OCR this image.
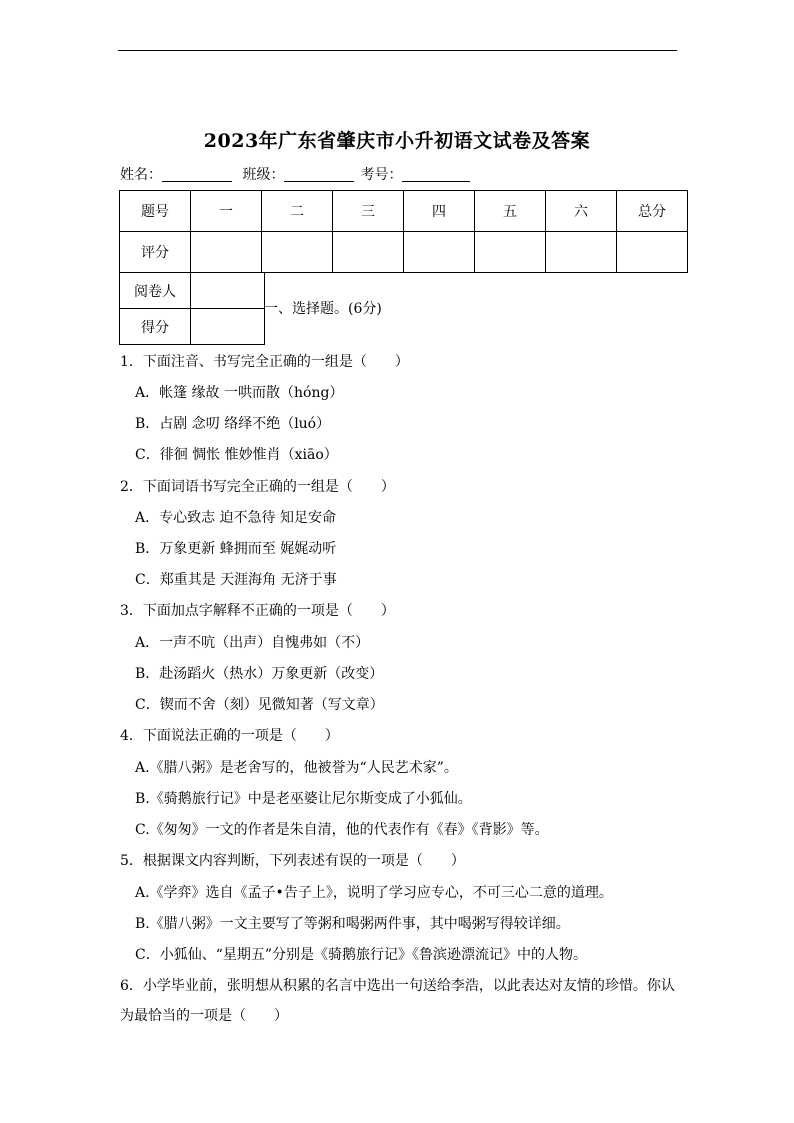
2023年广东省肇庆市小升初语文试卷及答案
姓名：	班级：	考号：
题号	一	二	三	四	五	六	总分
评分							
阅卷人	
得分	
一、选择题。(6分)
1．下面注音、书写完全正确的一组是（　　）
A．帐篷 缘故 一哄而散（hóng）
B．占剧 念叨 络绎不绝（luó）
C．徘徊 惆怅 惟妙惟肖（xiāo）
2．下面词语书写完全正确的一组是（　　）
A．专心致志 迫不急待 知足安命
B．万象更新 蜂拥而至 娓娓动听
C．郑重其是 天涯海角 无济于事
3．下面加点字解释不正确的一项是（　　）
A．一声不吭（出声）自愧弗如（不）
B．赴汤蹈火（热水）万象更新（改变）
C．锲而不舍（刻）见微知著（写文章）
4．下面说法正确的一项是（　　）
A.《腊八粥》是老舍写的，他被誉为“人民艺术家”。
B.《骑鹅旅行记》中是老巫婆让尼尔斯变成了小狐仙。
C.《匆匆》一文的作者是朱自清，他的代表作有《春》《背影》等。
5．根据课文内容判断，下列表述有误的一项是（　　）
A.《学弈》选自《孟子•告子上》，说明了学习应专心，不可三心二意的道理。
B.《腊八粥》一文主要写了等粥和喝粥两件事，其中喝粥写得较详细。
C．小狐仙、“星期五”分别是《骑鹅旅行记》《鲁滨逊漂流记》中的人物。
6．小学毕业前，张明想从积累的名言中选出一句送给李浩，以此表达对友情的珍惜。你认
为最恰当的一项是（　　）
